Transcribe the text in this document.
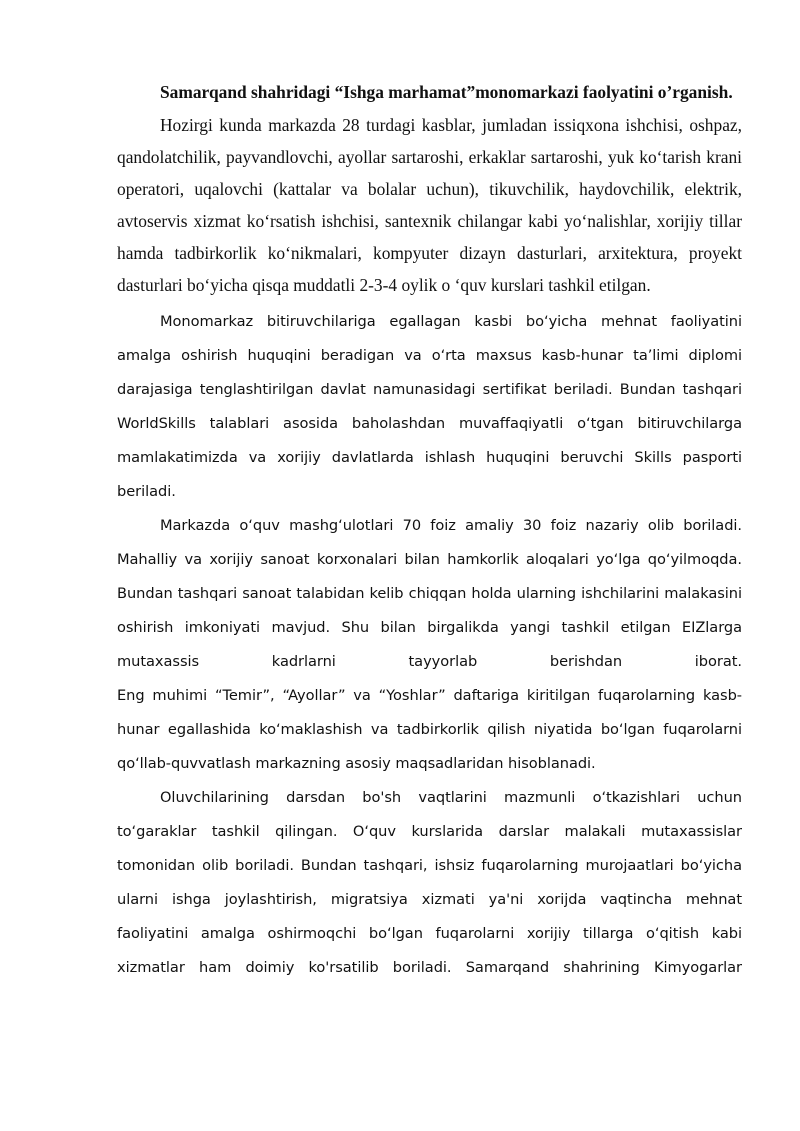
Samarqand shahridagi “Ishga marhamat”monomarkazi faolyatini o’rganish.

Hozirgi kunda markazda 28 turdagi kasblar, jumladan issiqxona ishchisi, oshpaz, qandolatchilik, payvandlovchi, ayollar sartaroshi, erkaklar sartaroshi, yuk ko‘tarish krani operatori, uqalovchi (kattalar va bolalar uchun), tikuvchilik, haydovchilik, elektrik, avtoservis xizmat ko‘rsatish ishchisi, santexnik chilangar kabi yo‘nalishlar, xorijiy tillar hamda tadbirkorlik ko‘nikmalari, kompyuter dizayn dasturlari, arxitektura, proyekt dasturlari bo‘yicha qisqa muddatli 2-3-4 oylik o ‘quv kurslari tashkil etilgan.

Monomarkaz bitiruvchilariga egallagan kasbi bo‘yicha mehnat faoliyatini amalga oshirish huquqini beradigan va o‘rta maxsus kasb-hunar ta’limi diplomi darajasiga tenglashtirilgan davlat namunasidagi sertifikat beriladi. Bundan tashqari WorldSkills talablari asosida baholashdan muvaffaqiyatli o‘tgan bitiruvchilarga mamlakatimizda va xorijiy davlatlarda ishlash huquqini beruvchi Skills pasporti beriladi.

Markazda o‘quv mashg‘ulotlari 70 foiz amaliy 30 foiz nazariy olib boriladi. Mahalliy va xorijiy sanoat korxonalari bilan hamkorlik aloqalari yo‘lga qo‘yilmoqda. Bundan tashqari sanoat talabidan kelib chiqqan holda ularning ishchilarini malakasini oshirish imkoniyati mavjud. Shu bilan birgalikda yangi tashkil etilgan EIZlarga mutaxassis kadrlarni tayyorlab berishdan iborat.

Eng muhimi “Temir”, “Ayollar” va “Yoshlar” daftariga kiritilgan fuqarolarning kasb-hunar egallashida ko‘maklashish va tadbirkorlik qilish niyatida bo‘lgan fuqarolarni qo‘llab-quvvatlash markazning asosiy maqsadlaridan hisoblanadi.

Oluvchilarining darsdan bo'sh vaqtlarini mazmunli o‘tkazishlari uchun to‘garaklar tashkil qilingan. O‘quv kurslarida darslar malakali mutaxassislar tomonidan olib boriladi. Bundan tashqari, ishsiz fuqarolarning murojaatlari bo‘yicha ularni ishga joylashtirish, migratsiya xizmati ya'ni xorijda vaqtincha mehnat faoliyatini amalga oshirmoqchi bo‘lgan fuqarolarni xorijiy tillarga o‘qitish kabi xizmatlar ham doimiy ko'rsatilib boriladi. Samarqand shahrining Kimyogarlar
